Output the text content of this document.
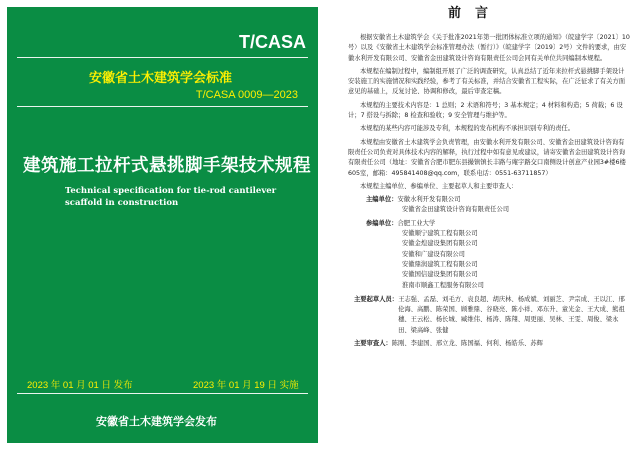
T/CASA
安徽省土木建筑学会标准
T/CASA 0009—2023
建筑施工拉杆式悬挑脚手架技术规程
Technical specification for tie-rod cantilever scaffold in construction
2023 年 01 月 01 日 发布	2023 年 01 月 19 日 实施
安徽省土木建筑学会发布
前言

根据安徽省土木建筑学会《关于批准2021年第一批团体标准立项的通知》（皖建学字〔2021〕10号）以及《安徽省土木建筑学会标准管理办法（暂行）》（皖建学字〔2019〕2号）文件的要求，由安徽水利开发有限公司、安徽省金田建筑设计咨询有限责任公司会同有关单位共同编制本规程。

本规程在编制过程中，编制组开展了广泛的调查研究，认真总结了近年来拉杆式悬挑脚手架设计安装施工的实施情况和实践经验，参考了有关标准，并结合安徽省工程实际，在广泛征求了有关方面意见的基础上，反复讨论、协调和修改，最后审查定稿。

本规程的主要技术内容是：1 总则；2 术语和符号；3 基本规定；4 材料和构造；5 荷载；6 设计；7 搭设与拆除；8 检查和验收；9 安全管理与维护等。

本规程的某些内容可能涉及专利，本规程的发布机构不承担识别专利的责任。

本规程由安徽省土木建筑学会负责管理，由安徽水利开发有限公司、安徽省金田建筑设计咨询有限责任公司负责对具体技术内容的解释，执行过程中如有意见或建议，请寄安徽省金田建筑设计咨询有限责任公司（地址：安徽省合肥市肥东县撮镇镇长丰路与庵宇路交口南侧设计创意产业园3#楼6楼605室，邮箱：495841408@qq.com，联系电话：0551-63711857）

本规程主编单位、参编单位、主要起草人和主要审查人：

主编单位： 安徽水利开发有限公司
安徽省金田建筑设计咨询有限责任公司
参编单位： 合肥工业大学
安徽顺宁建筑工程有限公司
安徽金煌建设集团有限公司
安徽和广建设有限公司
安徽鼎润建筑工程有限公司
安徽国信建设集团有限公司
淮南市顺鑫工程服务有限公司
主要起草人员： 王志强、孟磊、刘毛方、袁良超、胡庆林、杨成斌、刘丽芝、尹宗成、王以江、邢伦海、高鹏、陈荣国、顾雅鼎、谷晓亮、陈小祥、邓东升、童光金、王大成、熊祖穗、王云松、杨长城、臧维伟、杨涛、陈翔、周更丽、吴林、王雯、周俊、梁永田、梁高峰、张健
主要审查人： 陈刚、李建国、邢立龙、陈国福、何利、杨皓乐、苏辉
